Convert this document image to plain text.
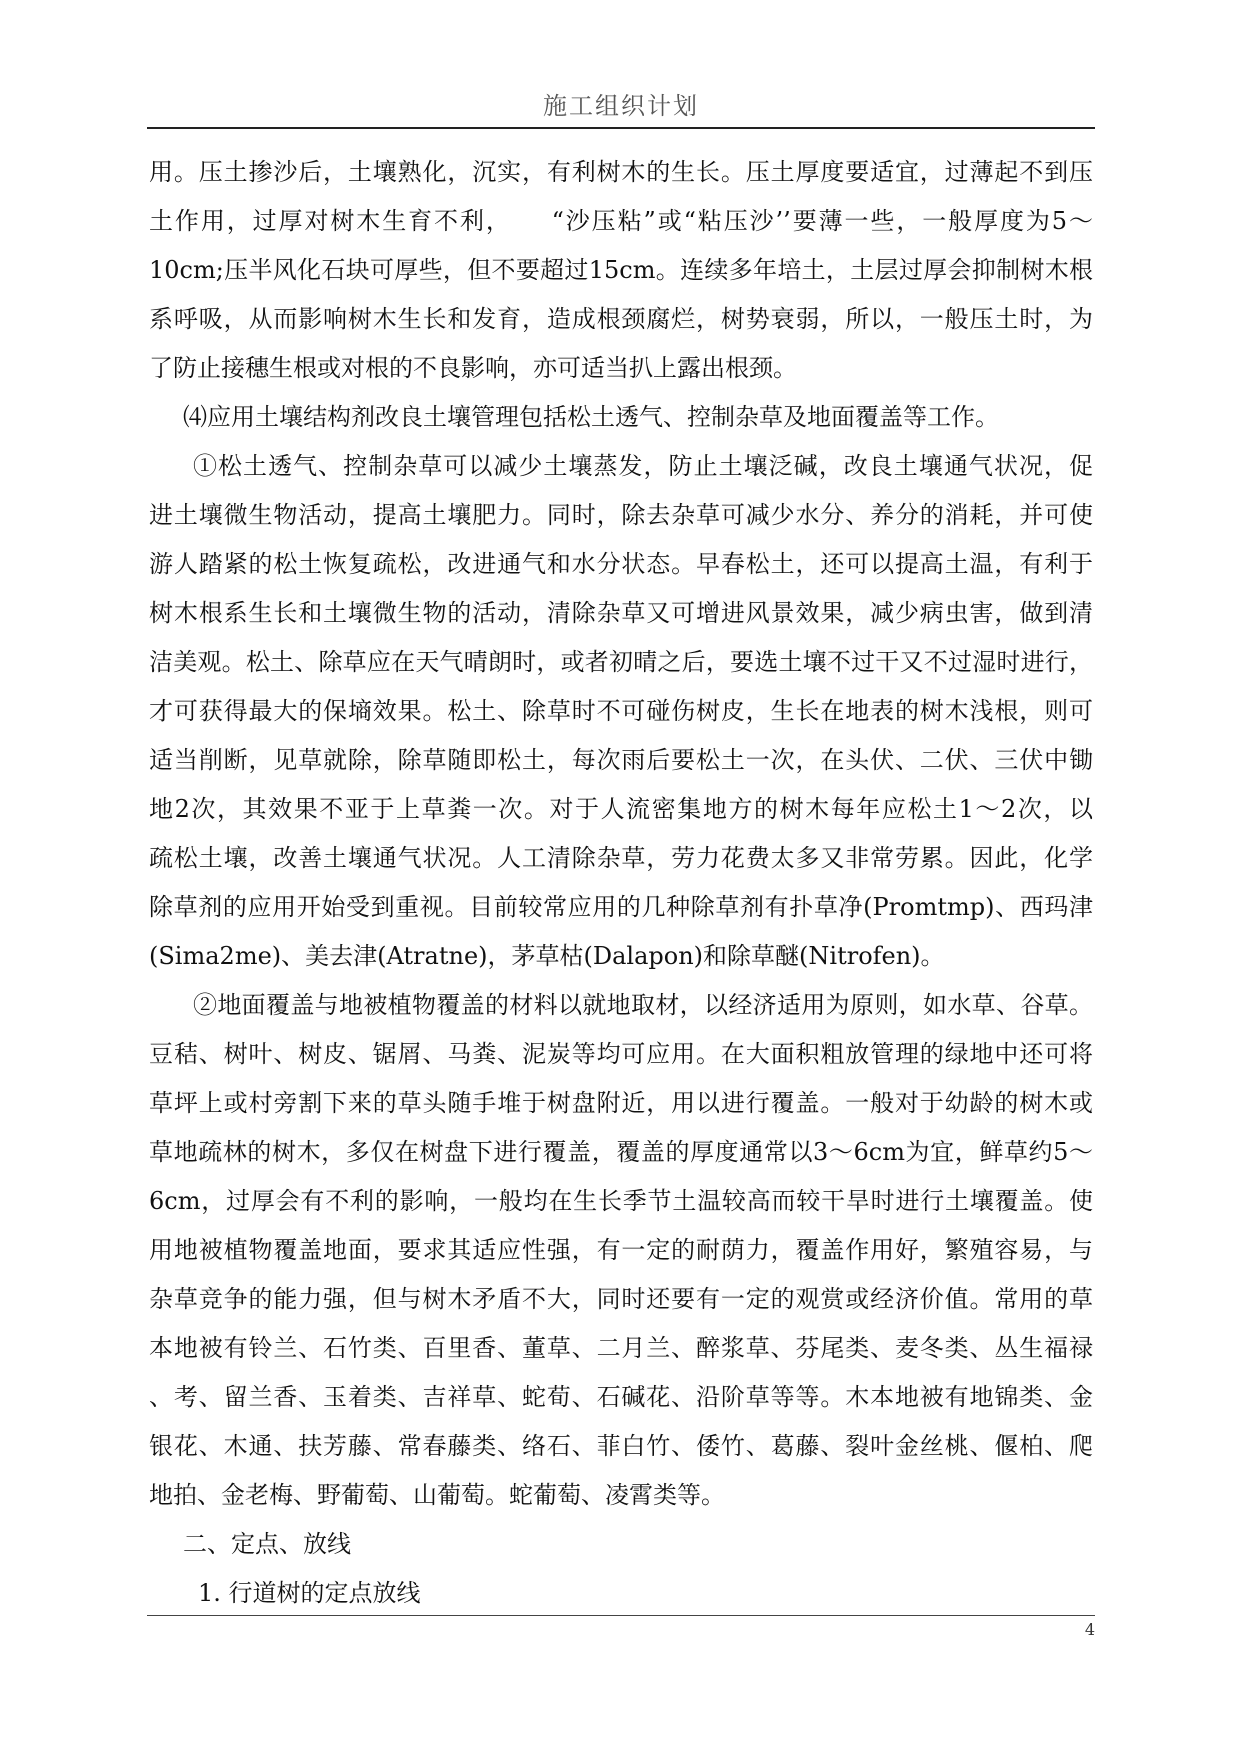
施工组织计划
用。压土掺沙后，土壤熟化，沉实，有利树木的生长。压土厚度要适宜，过薄起不到压
土作用，过厚对树木生育不利，　　“沙压粘”或“粘压沙’’要薄一些，一般厚度为5～
10cm;压半风化石块可厚些，但不要超过15cm。连续多年培土，土层过厚会抑制树木根
系呼吸，从而影响树木生长和发育，造成根颈腐烂，树势衰弱，所以，一般压土时，为
了防止接穗生根或对根的不良影响，亦可适当扒上露出根颈。
⑷应用土壤结构剂改良土壤管理包括松土透气、控制杂草及地面覆盖等工作。
①松土透气、控制杂草可以减少土壤蒸发，防止土壤泛碱，改良土壤通气状况，促
进土壤微生物活动，提高土壤肥力。同时，除去杂草可减少水分、养分的消耗，并可使
游人踏紧的松土恢复疏松，改进通气和水分状态。早春松土，还可以提高土温，有利于
树木根系生长和土壤微生物的活动，清除杂草又可增进风景效果，减少病虫害，做到清
洁美观。松土、除草应在天气晴朗时，或者初晴之后，要选土壤不过干又不过湿时进行，
才可获得最大的保墒效果。松土、除草时不可碰伤树皮，生长在地表的树木浅根，则可
适当削断，见草就除，除草随即松土，每次雨后要松土一次，在头伏、二伏、三伏中锄
地2次，其效果不亚于上草粪一次。对于人流密集地方的树木每年应松土1～2次，以
疏松土壤，改善土壤通气状况。人工清除杂草，劳力花费太多又非常劳累。因此，化学
除草剂的应用开始受到重视。目前较常应用的几种除草剂有扑草净(Promtmp)、西玛津
(Sima2me)、美去津(Atratne)，茅草枯(Dalapon)和除草醚(Nitrofen)。
②地面覆盖与地被植物覆盖的材料以就地取材，以经济适用为原则，如水草、谷草。
豆秸、树叶、树皮、锯屑、马粪、泥炭等均可应用。在大面积粗放管理的绿地中还可将
草坪上或村旁割下来的草头随手堆于树盘附近，用以进行覆盖。一般对于幼龄的树木或
草地疏林的树木，多仅在树盘下进行覆盖，覆盖的厚度通常以3～6cm为宜，鲜草约5～
6cm，过厚会有不利的影响，一般均在生长季节土温较高而较干旱时进行土壤覆盖。使
用地被植物覆盖地面，要求其适应性强，有一定的耐荫力，覆盖作用好，繁殖容易，与
杂草竞争的能力强，但与树木矛盾不大，同时还要有一定的观赏或经济价值。常用的草
本地被有铃兰、石竹类、百里香、董草、二月兰、醉浆草、芬尾类、麦冬类、丛生福禄
、考、留兰香、玉着类、吉祥草、蛇荀、石碱花、沿阶草等等。木本地被有地锦类、金
银花、木通、扶芳藤、常春藤类、络石、菲白竹、倭竹、葛藤、裂叶金丝桃、偃柏、爬
地拍、金老梅、野葡萄、山葡萄。蛇葡萄、凌霄类等。
二、定点、放线
1. 行道树的定点放线
4
